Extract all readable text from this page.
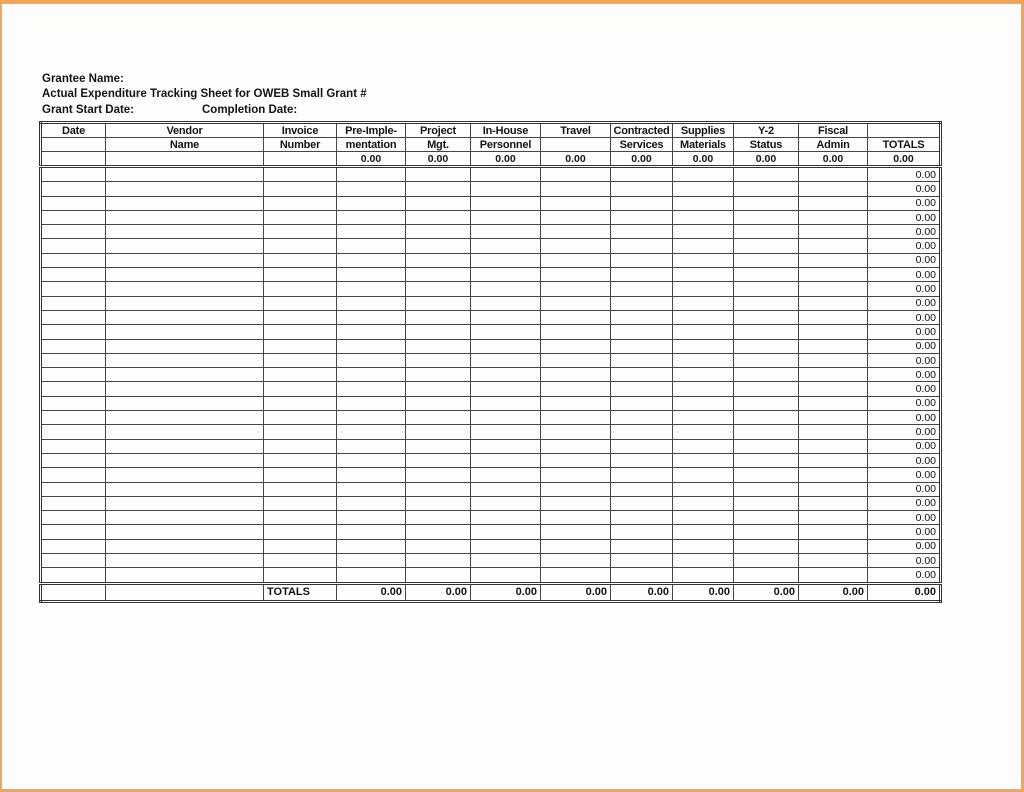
Grantee Name:
Actual Expenditure Tracking Sheet for OWEB Small Grant #
Grant Start Date:	Completion Date:
Date	Vendor	Invoice	Pre-Imple-	Project	In-House	Travel	Contracted	Supplies	Y-2	Fiscal	
	Name	Number	mentation	Mgt.	Personnel		Services	Materials	Status	Admin	TOTALS
			0.00	0.00	0.00	0.00	0.00	0.00	0.00	0.00	0.00
											0.00
											0.00
											0.00
											0.00
											0.00
											0.00
											0.00
											0.00
											0.00
											0.00
											0.00
											0.00
											0.00
											0.00
											0.00
											0.00
											0.00
											0.00
											0.00
											0.00
											0.00
											0.00
											0.00
											0.00
											0.00
											0.00
											0.00
											0.00
											0.00
		TOTALS	0.00	0.00	0.00	0.00	0.00	0.00	0.00	0.00	0.00
